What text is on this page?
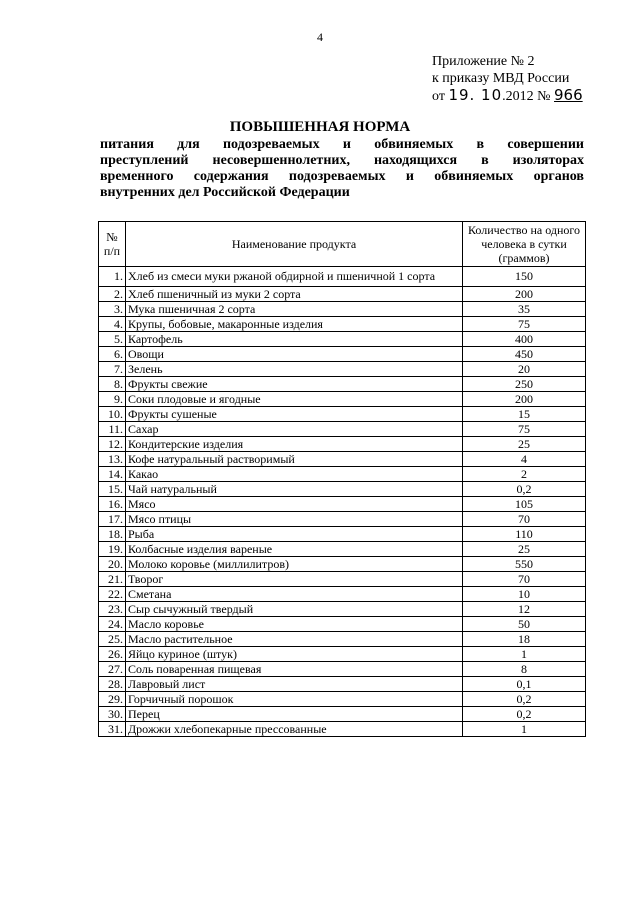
4
Приложение № 2
к приказу МВД России
от 19. 10.2012 № 966
ПОВЫШЕННАЯ НОРМА
питания для подозреваемых и обвиняемых в совершении
преступлений несовершеннолетних, находящихся в изоляторах
временного содержания подозреваемых и обвиняемых органов
внутренних дел Российской Федерации
№ п/п	Наименование продукта	Количество на одного человека в сутки (граммов)
1.	Хлеб из смеси муки ржаной обдирной и пшеничной 1 сорта	150
2.	Хлеб пшеничный из муки 2 сорта	200
3.	Мука пшеничная 2 сорта	35
4.	Крупы, бобовые, макаронные изделия	75
5.	Картофель	400
6.	Овощи	450
7.	Зелень	20
8.	Фрукты свежие	250
9.	Соки плодовые и ягодные	200
10.	Фрукты сушеные	15
11.	Сахар	75
12.	Кондитерские изделия	25
13.	Кофе натуральный растворимый	4
14.	Какао	2
15.	Чай натуральный	0,2
16.	Мясо	105
17.	Мясо птицы	70
18.	Рыба	110
19.	Колбасные изделия вареные	25
20.	Молоко коровье (миллилитров)	550
21.	Творог	70
22.	Сметана	10
23.	Сыр сычужный твердый	12
24.	Масло коровье	50
25.	Масло растительное	18
26.	Яйцо куриное (штук)	1
27.	Соль поваренная пищевая	8
28.	Лавровый лист	0,1
29.	Горчичный порошок	0,2
30.	Перец	0,2
31.	Дрожжи хлебопекарные прессованные	1
